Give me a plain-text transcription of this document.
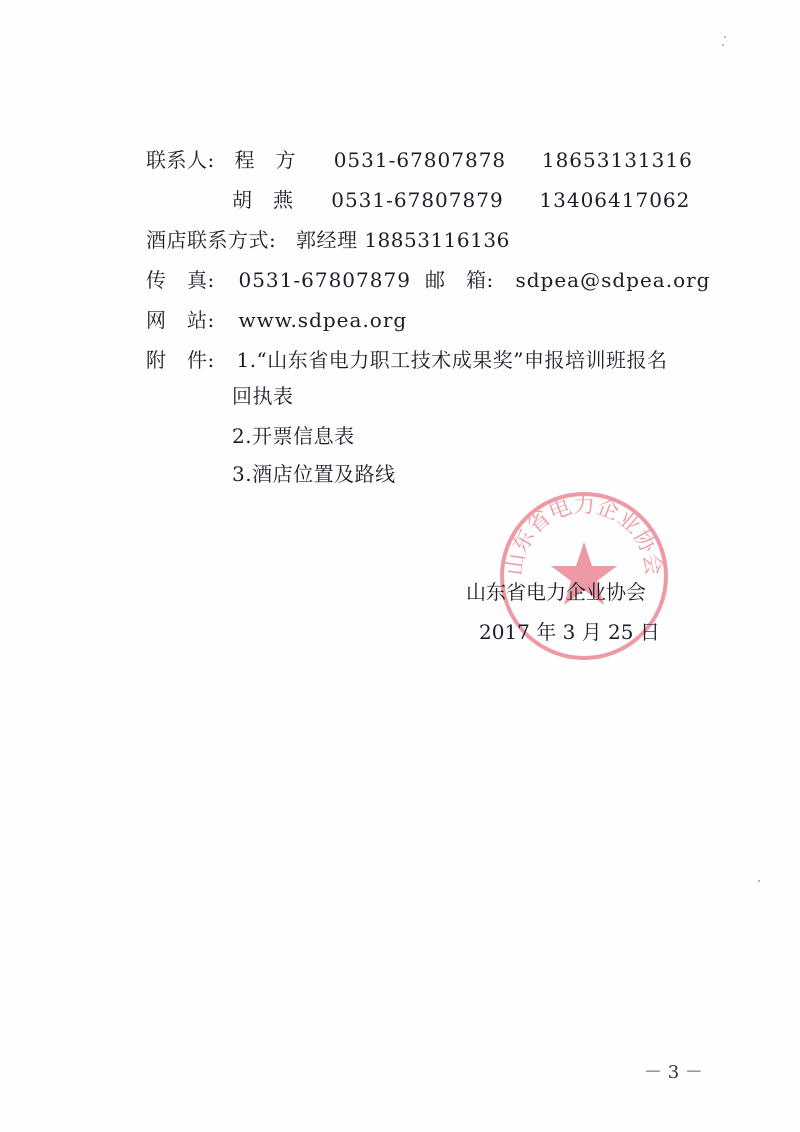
联系人: 程　方 0531-67807878 18653131316
胡　燕 0531-67807879 13406417062
酒店联系方式: 郭经理 18853116136
传　真: 0531-67807879 邮　箱: sdpea@sdpea.org
网　站: www.sdpea.org
附　件: 1.“山东省电力职工技术成果奖”申报培训班报名
回执表
2.开票信息表
3.酒店位置及路线
山东省电力企业协会
山东省电力企业协会
2017 年 3 月 25 日
－ 3 －
